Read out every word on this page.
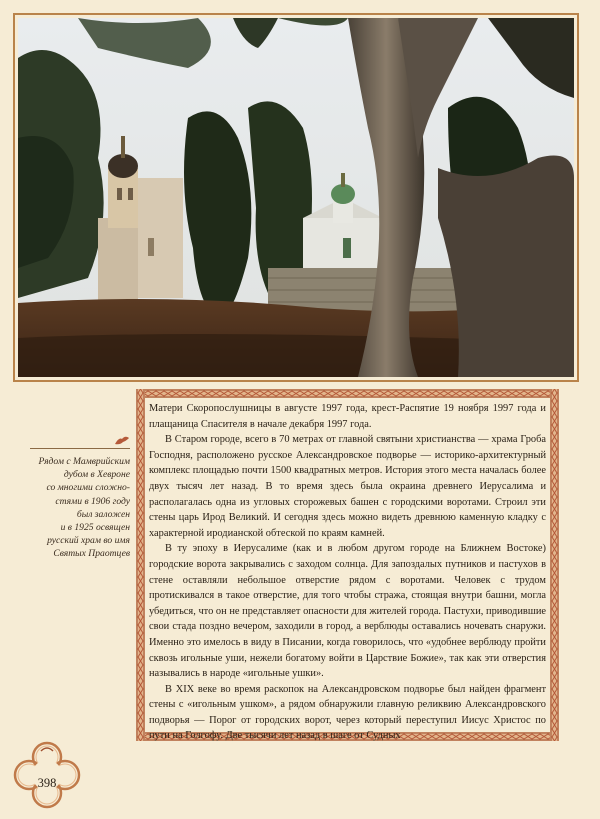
Рядом с Мамврийским
дубом в Хевроне
со многими сложно-
стями в 1906 году
был заложен
и в 1925 освящен
русский храм во имя
Святых Праотцев

Матери Скоропослушницы в августе 1997 года, крест-Распятие 19 ноября 1997 года и плащаница Спасителя в начале декабря 1997 года.

В Старом городе, всего в 70 метрах от главной святыни христианства — храма Гроба Господня, расположено русское Александровское подворье — историко-архитектурный комплекс площадью почти 1500 квадратных метров. История этого места началась более двух тысяч лет назад. В то время здесь была окраина древнего Иерусалима и располагалась одна из угловых сторожевых башен с городскими воротами. Строил эти стены царь Ирод Великий. И сегодня здесь можно видеть древнюю каменную кладку с характерной иродианской обтеской по краям камней.

В ту эпоху в Иерусалиме (как и в любом другом городе на Ближнем Востоке) городские ворота закрывались с заходом солнца. Для запоздалых путников и пастухов в стене оставляли небольшое отверстие рядом с воротами. Человек с трудом протискивался в такое отверстие, для того чтобы стража, стоящая внутри башни, могла убедиться, что он не представляет опасности для жителей города. Пастухи, приводившие свои стада поздно вечером, заходили в город, а верблюды оставались ночевать снаружи. Именно это имелось в виду в Писании, когда говорилось, что «удобнее верблюду пройти сквозь игольные уши, нежели богатому войти в Царствие Божие», так как эти отверстия назывались в народе «игольные ушки».

В XIX веке во время раскопок на Александровском подворье был найден фрагмент стены с «игольным ушком», а рядом обнаружили главную реликвию Александровского подворья — Порог от городских ворот, через который переступил Иисус Христос по пути на Голгофу. Две тысячи лет назад в шаге от Судных

398
